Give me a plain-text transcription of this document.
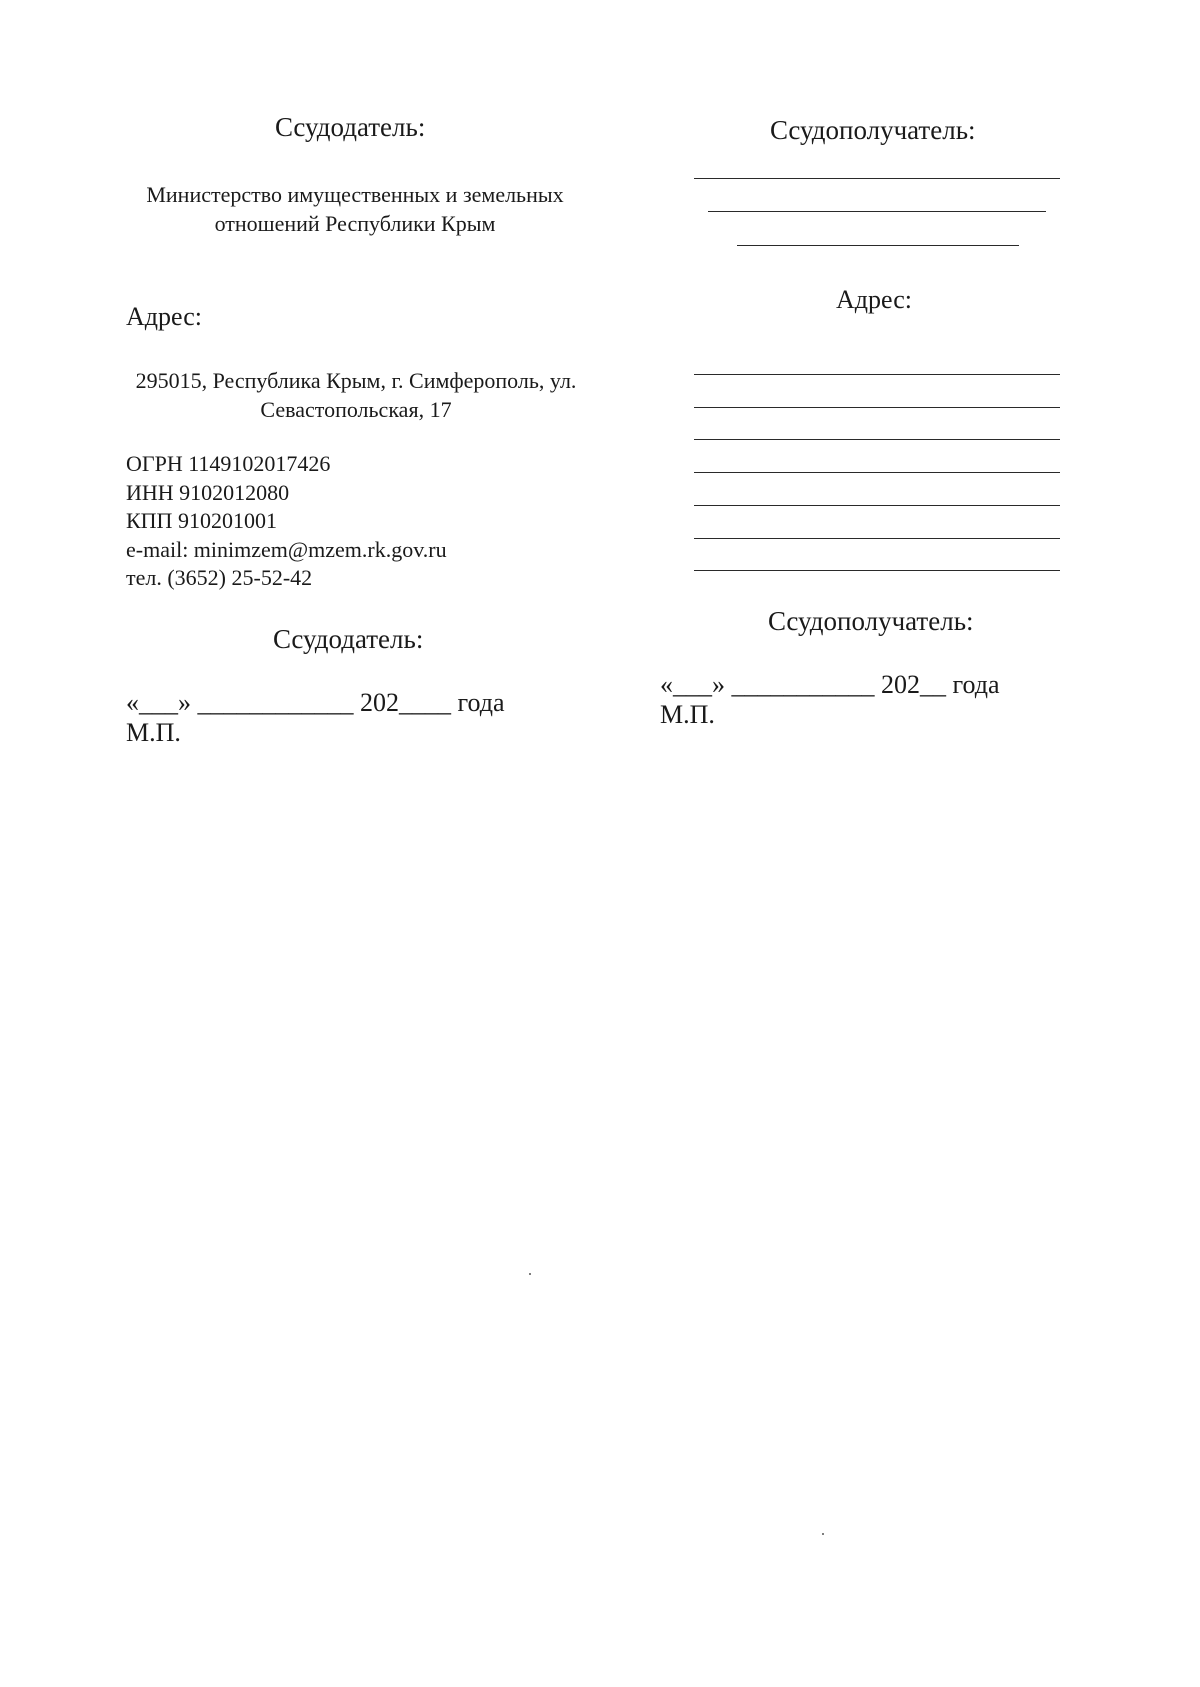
Ссудодатель:
Министерство имущественных и земельных отношений Республики Крым
Адрес:
295015, Республика Крым, г. Симферополь, ул. Севастопольская, 17
ОГРН 1149102017426
ИНН 9102012080
КПП 910201001
e-mail: minimzem@mzem.rk.gov.ru
тел. (3652) 25-52-42
Ссудодатель:
«___» ____________ 202____ года
М.П.
Ссудополучатель:
Адрес:
Ссудополучатель:
«___» ___________ 202__ года
М.П.
